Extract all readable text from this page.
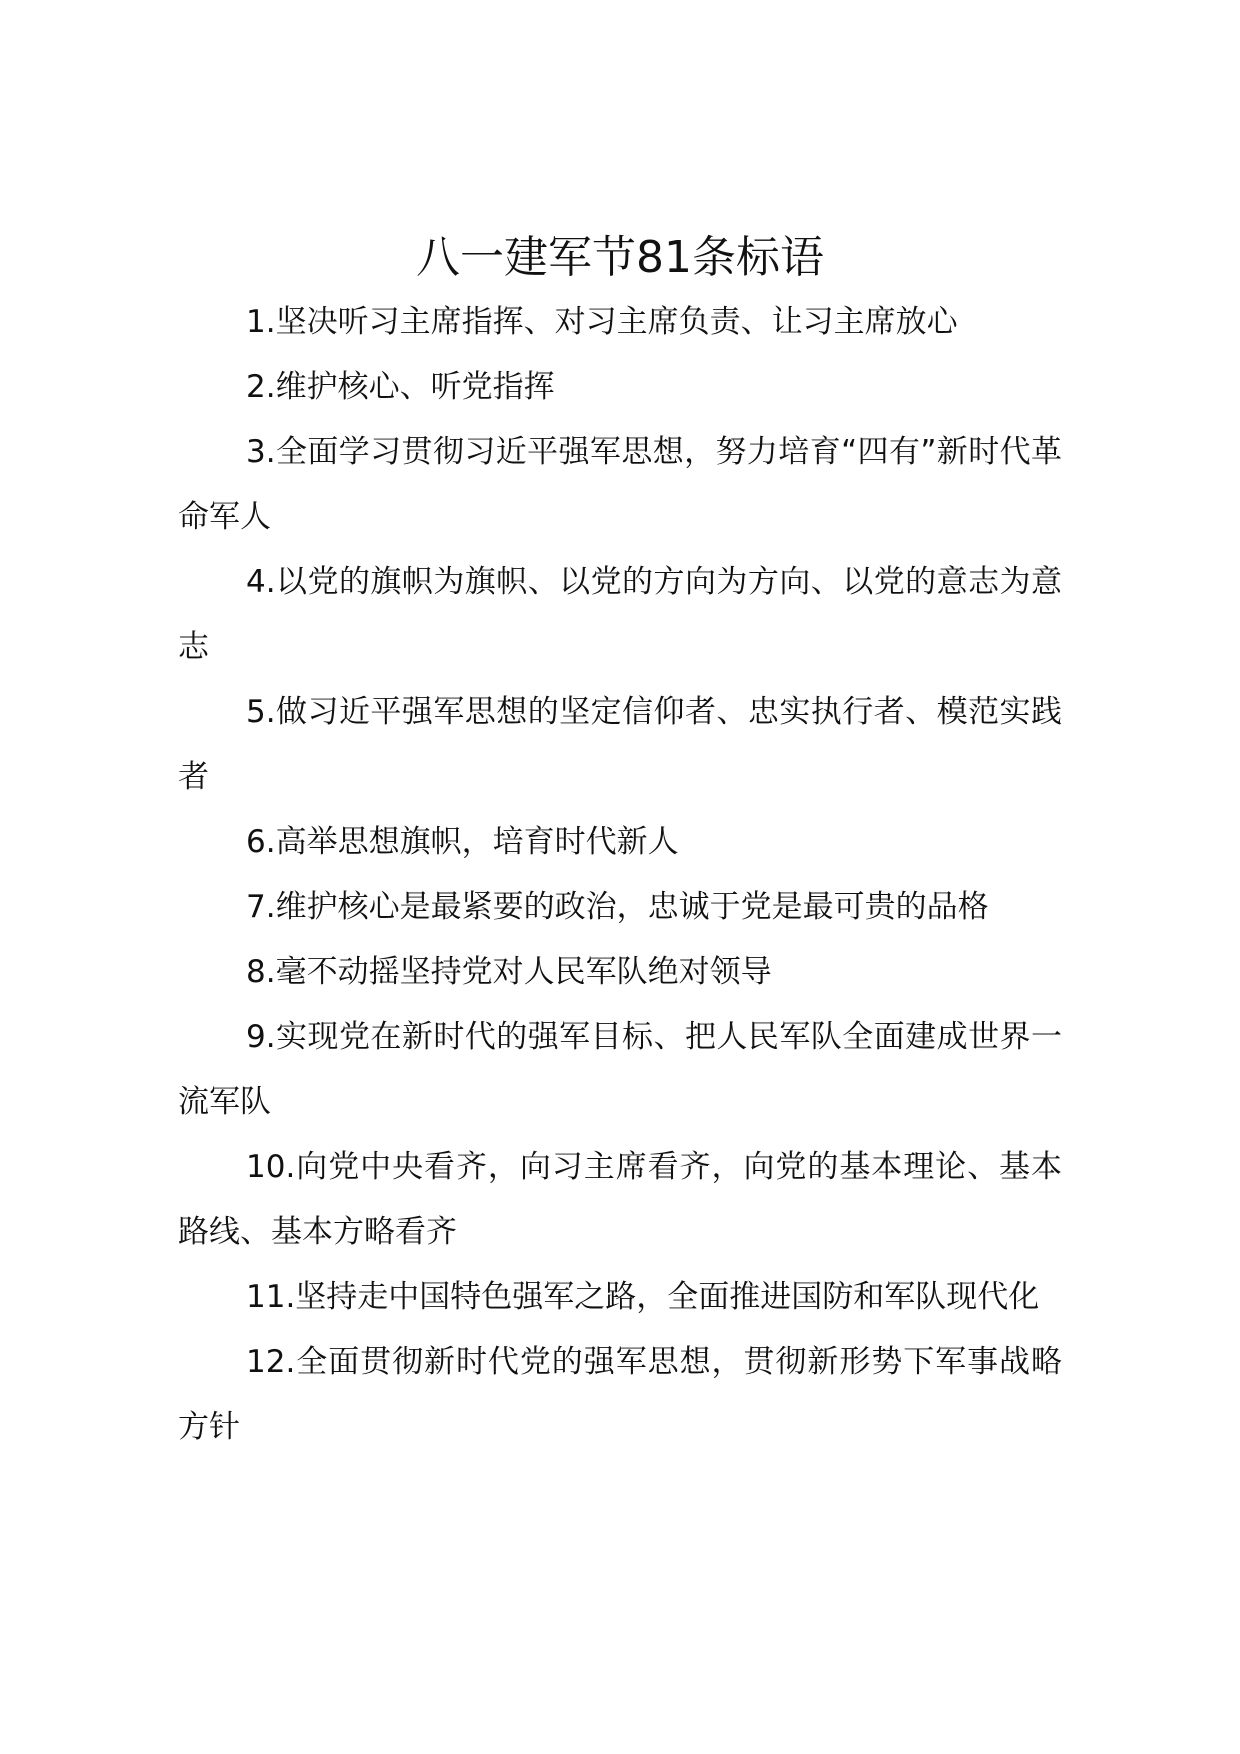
八一建军节81条标语
1.坚决听习主席指挥、对习主席负责、让习主席放心
2.维护核心、听党指挥
3.全面学习贯彻习近平强军思想，努力培育“四有”新时代革命军人
4.以党的旗帜为旗帜、以党的方向为方向、以党的意志为意志
5.做习近平强军思想的坚定信仰者、忠实执行者、模范实践者
6.高举思想旗帜，培育时代新人
7.维护核心是最紧要的政治，忠诚于党是最可贵的品格
8.毫不动摇坚持党对人民军队绝对领导
9.实现党在新时代的强军目标、把人民军队全面建成世界一流军队
10.向党中央看齐，向习主席看齐，向党的基本理论、基本路线、基本方略看齐
11.坚持走中国特色强军之路，全面推进国防和军队现代化
12.全面贯彻新时代党的强军思想，贯彻新形势下军事战略方针
